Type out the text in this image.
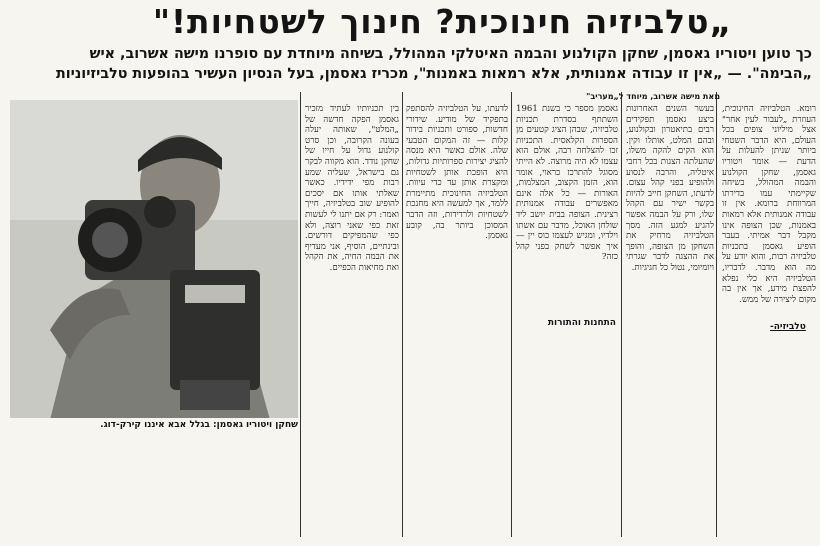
„טלביזיה חינוכית? חינוך לשטחיות!"
כך טוען ויטוריו גאסמן, שחקן הקולנוע והבמה האיטלקי המהולל, בשיחה מיוחדת עם סופרנו מישה אשרוב, איש
„הבימה". — „אין זו עבודה אמנותית, אלא רמאות באמנות", מכריז גאסמן, בעל הנסיון העשיר בהופעות טלביזיוניות
שחקן ויטוריו גאסמן: בגלל אבא איננו קירק-דוג.
מאת מישה אשרוב, מיוחד ל„מעריב"
התחנות והתורות	טלביזיה-

רומא. הטלביזיה החינוכית, העוזרת „לעבור לעין אחר" אצל מיליוני צופים בכל העולם, היא הדבר השטחי ביותר שניתן להעלות על הדעת — אומר ויטוריו גאסמן, שחקן הקולנוע והבמה המהולל, בשיחה שקיימתי עמו בדירתו המרווחת ברומא. אין זו עבודה אמנותית אלא רמאות באמנות, שכן הצופה אינו מקבל דבר אמיתי. בעבר הופיע גאסמן בתכניות טלביזיה רבות, והוא יודע על מה הוא מדבר. לדבריו, הטלביזיה היא כלי נפלא להפצת מידע, אך אין בה מקום ליצירה של ממש.

בעשר השנים האחרונות ביצע גאסמן תפקידים רבים בתיאטרון ובקולנוע, ובהם המלט, אותלו וקין. הוא הקים להקה משלו, שהעלתה הצגות בכל רחבי איטליה, והרבה לנסוע ולהופיע בפני קהל עצום. לדעתו, השחקן חייב להיות בקשר ישיר עם הקהל שלו, ורק על הבמה אפשר להגיע למגע הזה. מסך הטלביזיה מרחיק את השחקן מן הצופה, והופך את ההצגה לדבר שגרתי ויומיומי, נטול כל חגיגיות.

גאסמן מספר כי בשנת 1961 השתתף בסדרת תכניות טלביזיה, שבהן הציג קטעים מן הספרות הקלאסית. התכניות זכו להצלחה רבה, אולם הוא עצמו לא היה מרוצה. לא הייתי מסוגל להתרכז כראוי, אומר הוא, הזמן הקצוב, המצלמות, האורות — כל אלה אינם מאפשרים עבודה אמנותית רצינית. הצופה בבית יושב ליד שולחן האוכל, מדבר עם אשתו וילדיו, ומגיש לעצמו כוס יין — איך אפשר לשחק בפני קהל כזה?

לדעתו, על הטלביזיה להסתפק בתפקיד של מודיע. שידורי חדשות, ספורט ותכניות בידור קלות — זה המקום הטבעי שלה. אולם כאשר היא מנסה להציג יצירות ספרותיות גדולות, היא הופכת אותן לשטחיות ומקצרת אותן עד כדי עיוות. הטלביזיה החינוכית מתיימרת ללמד, אך למעשה היא מחנכת לשטחיות ולרדידות, וזה הדבר המסוכן ביותר בה, קובע גאסמן.

בין תכניותיו לעתיד מזכיר גאסמן הפקה חדשה של „המלט", שאותה יעלה בעונה הקרובה, וכן סרט קולנוע גדול על חייו של שחקן נודד. הוא מקווה לבקר גם בישראל, שעליה שמע רבות מפי ידידיו. כאשר שאלתי אותו אם יסכים להופיע שוב בטלביזיה, חייך ואמר: רק אם יתנו לי לעשות זאת כפי שאני רוצה, ולא כפי שהמפיקים דורשים. ובינתיים, הוסיף, אני מעדיף את הבמה החיה, את הקהל ואת מחיאות הכפיים.
